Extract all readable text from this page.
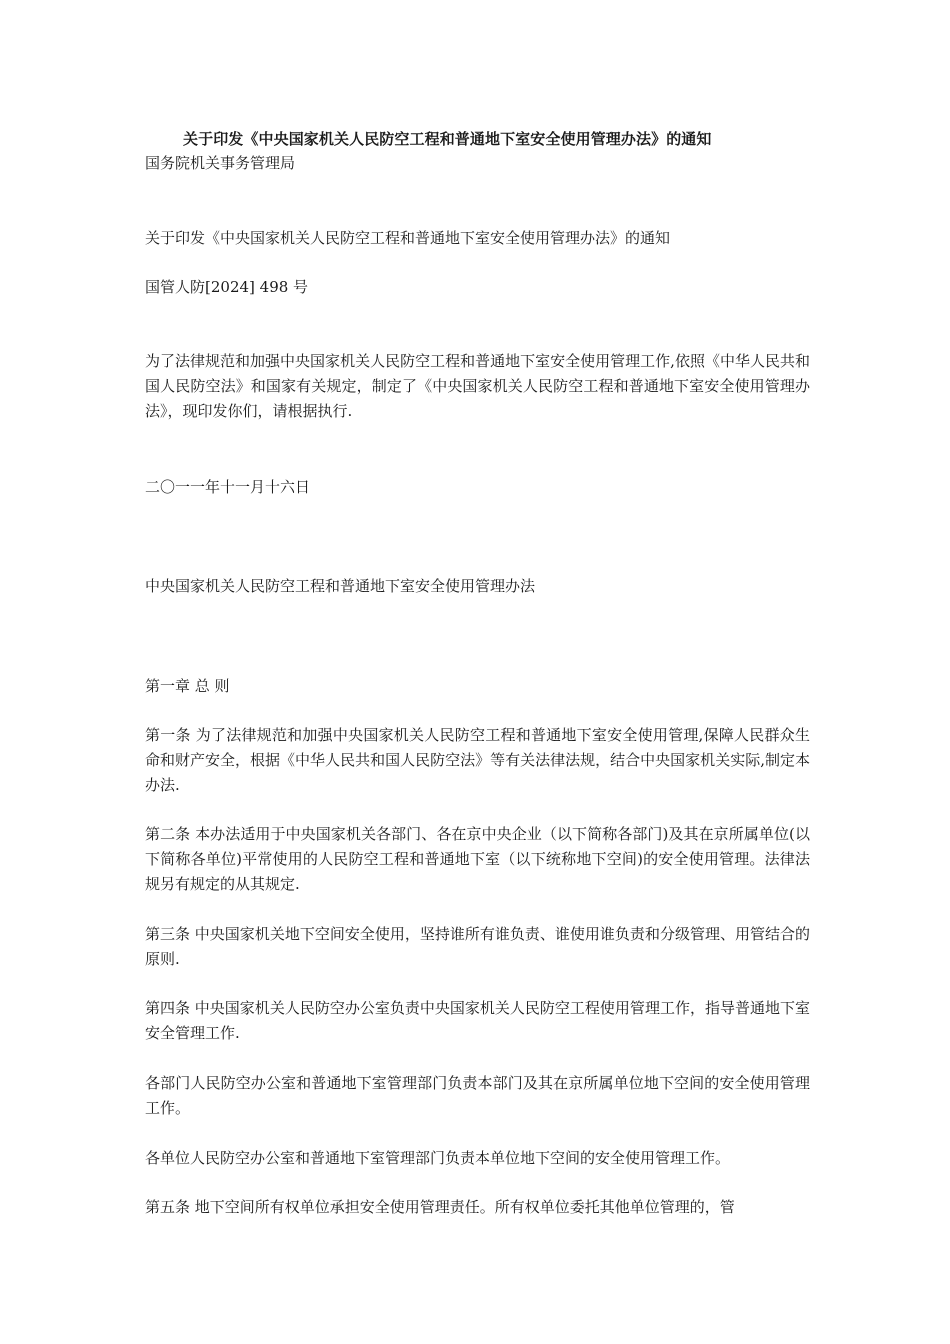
关于印发《中央国家机关人民防空工程和普通地下室安全使用管理办法》的通知
国务院机关事务管理局
关于印发《中央国家机关人民防空工程和普通地下室安全使用管理办法》的通知
国管人防[2024] 498 号
为了法律规范和加强中央国家机关人民防空工程和普通地下室安全使用管理工作,依照《中华人民共和国人民防空法》和国家有关规定，制定了《中央国家机关人民防空工程和普通地下室安全使用管理办法》，现印发你们，请根据执行.
二〇一一年十一月十六日
中央国家机关人民防空工程和普通地下室安全使用管理办法
第一章 总 则
第一条 为了法律规范和加强中央国家机关人民防空工程和普通地下室安全使用管理,保障人民群众生命和财产安全，根据《中华人民共和国人民防空法》等有关法律法规，结合中央国家机关实际,制定本办法.
第二条 本办法适用于中央国家机关各部门、各在京中央企业（以下简称各部门)及其在京所属单位(以下简称各单位)平常使用的人民防空工程和普通地下室（以下统称地下空间)的安全使用管理。法律法规另有规定的从其规定.
第三条 中央国家机关地下空间安全使用，坚持谁所有谁负责、谁使用谁负责和分级管理、用管结合的原则.
第四条 中央国家机关人民防空办公室负责中央国家机关人民防空工程使用管理工作，指导普通地下室安全管理工作.
各部门人民防空办公室和普通地下室管理部门负责本部门及其在京所属单位地下空间的安全使用管理工作。
各单位人民防空办公室和普通地下室管理部门负责本单位地下空间的安全使用管理工作。
第五条 地下空间所有权单位承担安全使用管理责任。所有权单位委托其他单位管理的，管
